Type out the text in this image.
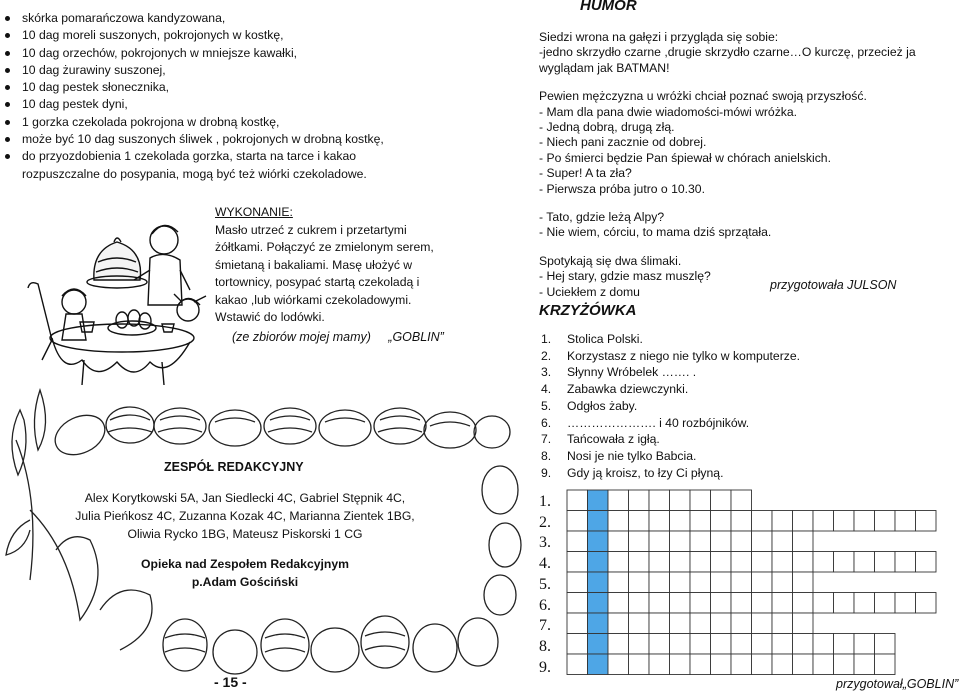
skórka pomarańczowa kandyzowana,
10 dag moreli suszonych, pokrojonych w kostkę,
10 dag orzechów, pokrojonych w mniejsze kawałki,
10 dag żurawiny suszonej,
10 dag pestek słonecznika,
10 dag pestek dyni,
1 gorzka czekolada pokrojona w drobną kostkę,
może być 10 dag suszonych śliwek , pokrojonych w drobną kostkę,
do przyozdobienia 1 czekolada gorzka, starta na tarce i kakao
rozpuszczalne do posypania, mogą być też wiórki czekoladowe.
WYKONANIE:
Masło utrzeć z cukrem i przetartymi
żółtkami. Połączyć ze zmielonym serem,
śmietaną i bakaliami. Masę ułożyć w
tortownicy, posypać startą czekoladą i
kakao ,lub wiórkami czekoladowymi.
Wstawić do lodówki.
(ze zbiorów mojej mamy)     „GOBLIN”
ZESPÓŁ REDAKCYJNY
Alex Korytkowski 5A, Jan Siedlecki 4C, Gabriel Stępnik 4C,
Julia Pieńkosz 4C, Zuzanna Kozak 4C, Marianna Zientek 1BG,
Oliwia Rycko 1BG, Mateusz Piskorski 1 CG
Opieka nad Zespołem Redakcyjnym
p.Adam Gościński
- 15 -
HUMOR

Siedzi wrona na gałęzi i przygląda się sobie:
-jedno skrzydło czarne ,drugie skrzydło czarne…O kurczę, przecież ja wyglądam jak BATMAN!

Pewien mężczyzna u wróżki chciał poznać swoją przyszłość.
- Mam dla pana dwie wiadomości-mówi wróżka.
- Jedną dobrą, drugą złą.
- Niech pani zacznie od dobrej.
- Po śmierci będzie Pan śpiewał w chórach anielskich.
- Super! A ta zła?
- Pierwsza próba jutro o 10.30.

- Tato, gdzie leżą Alpy?
- Nie wiem, córciu, to mama dziś sprzątała.

Spotykają się dwa ślimaki.
- Hej stary, gdzie masz muszlę?
- Uciekłem z domu	przygotowała JULSON
KRZYŻÓWKA
1.	Stolica Polski.
2.	Korzystasz z niego nie tylko w komputerze.
3.	Słynny Wróbelek ……. .
4.	Zabawka dziewczynki.
5.	Odgłos żaby.
6.	…………………. i 40 rozbójników.
7.	Tańcowała z igłą.
8.	Nosi je nie tylko Babcia.
9.	Gdy ją kroisz, to łzy Ci płyną.
1.
2.
3.
4.
5.
6.
7.
8.
9.
przygotował„GOBLIN”
